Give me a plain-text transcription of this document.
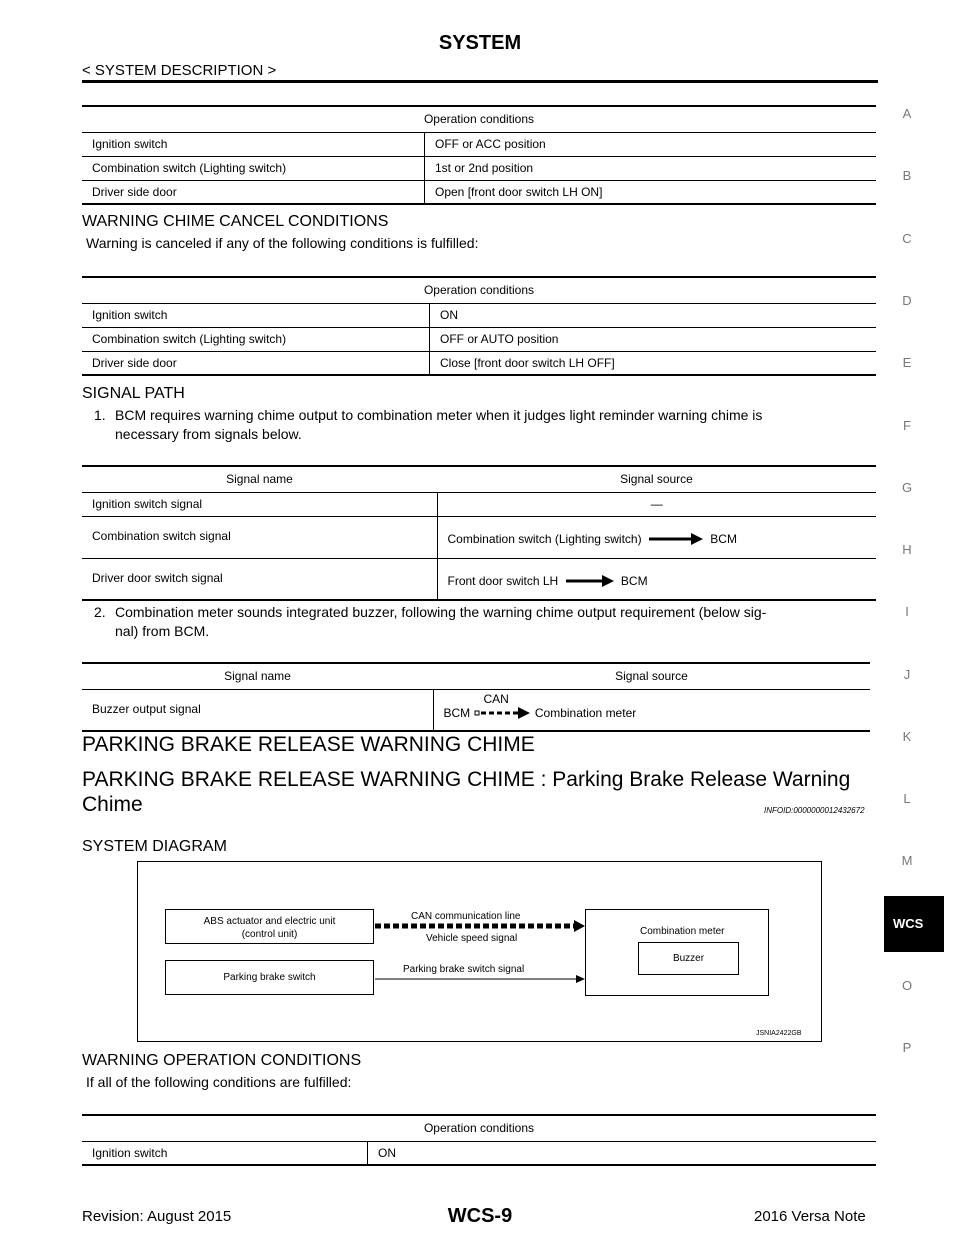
SYSTEM
< SYSTEM DESCRIPTION >
Operation conditions	
Ignition switch	OFF or ACC position
Combination switch (Lighting switch)	1st or 2nd position
Driver side door	Open [front door switch LH ON]
WARNING CHIME CANCEL CONDITIONS
Warning is canceled if any of the following conditions is fulfilled:
Operation conditions	
Ignition switch	ON
Combination switch (Lighting switch)	OFF or AUTO position
Driver side door	Close [front door switch LH OFF]
SIGNAL PATH
1. BCM requires warning chime output to combination meter when it judges light reminder warning chime is
necessary from signals below.
Signal name	Signal source
Ignition switch signal	—
Combination switch signal	Combination switch (Lighting switch) BCM
Driver door switch signal	Front door switch LH BCM
2. Combination meter sounds integrated buzzer, following the warning chime output requirement (below sig-
nal) from BCM.
Signal name	Signal source
Buzzer output signal	BCM
CAN
Combination meter
PARKING BRAKE RELEASE WARNING CHIME
PARKING BRAKE RELEASE WARNING CHIME : Parking Brake Release Warning
Chime	INFOID:0000000012432672
SYSTEM DIAGRAM
ABS actuator and electric unit
(control unit)
Parking brake switch
Combination meter
Buzzer
CAN communication line
Vehicle speed signal
Parking brake switch signal
JSNIA2422GB
WARNING OPERATION CONDITIONS
If all of the following conditions are fulfilled:
Operation conditions
Ignition switch	ON
A
B
C
D
E
F
G
H
I
J
K
L
M
O
P
WCS
Revision: August 2015	WCS-9	2016 Versa Note
